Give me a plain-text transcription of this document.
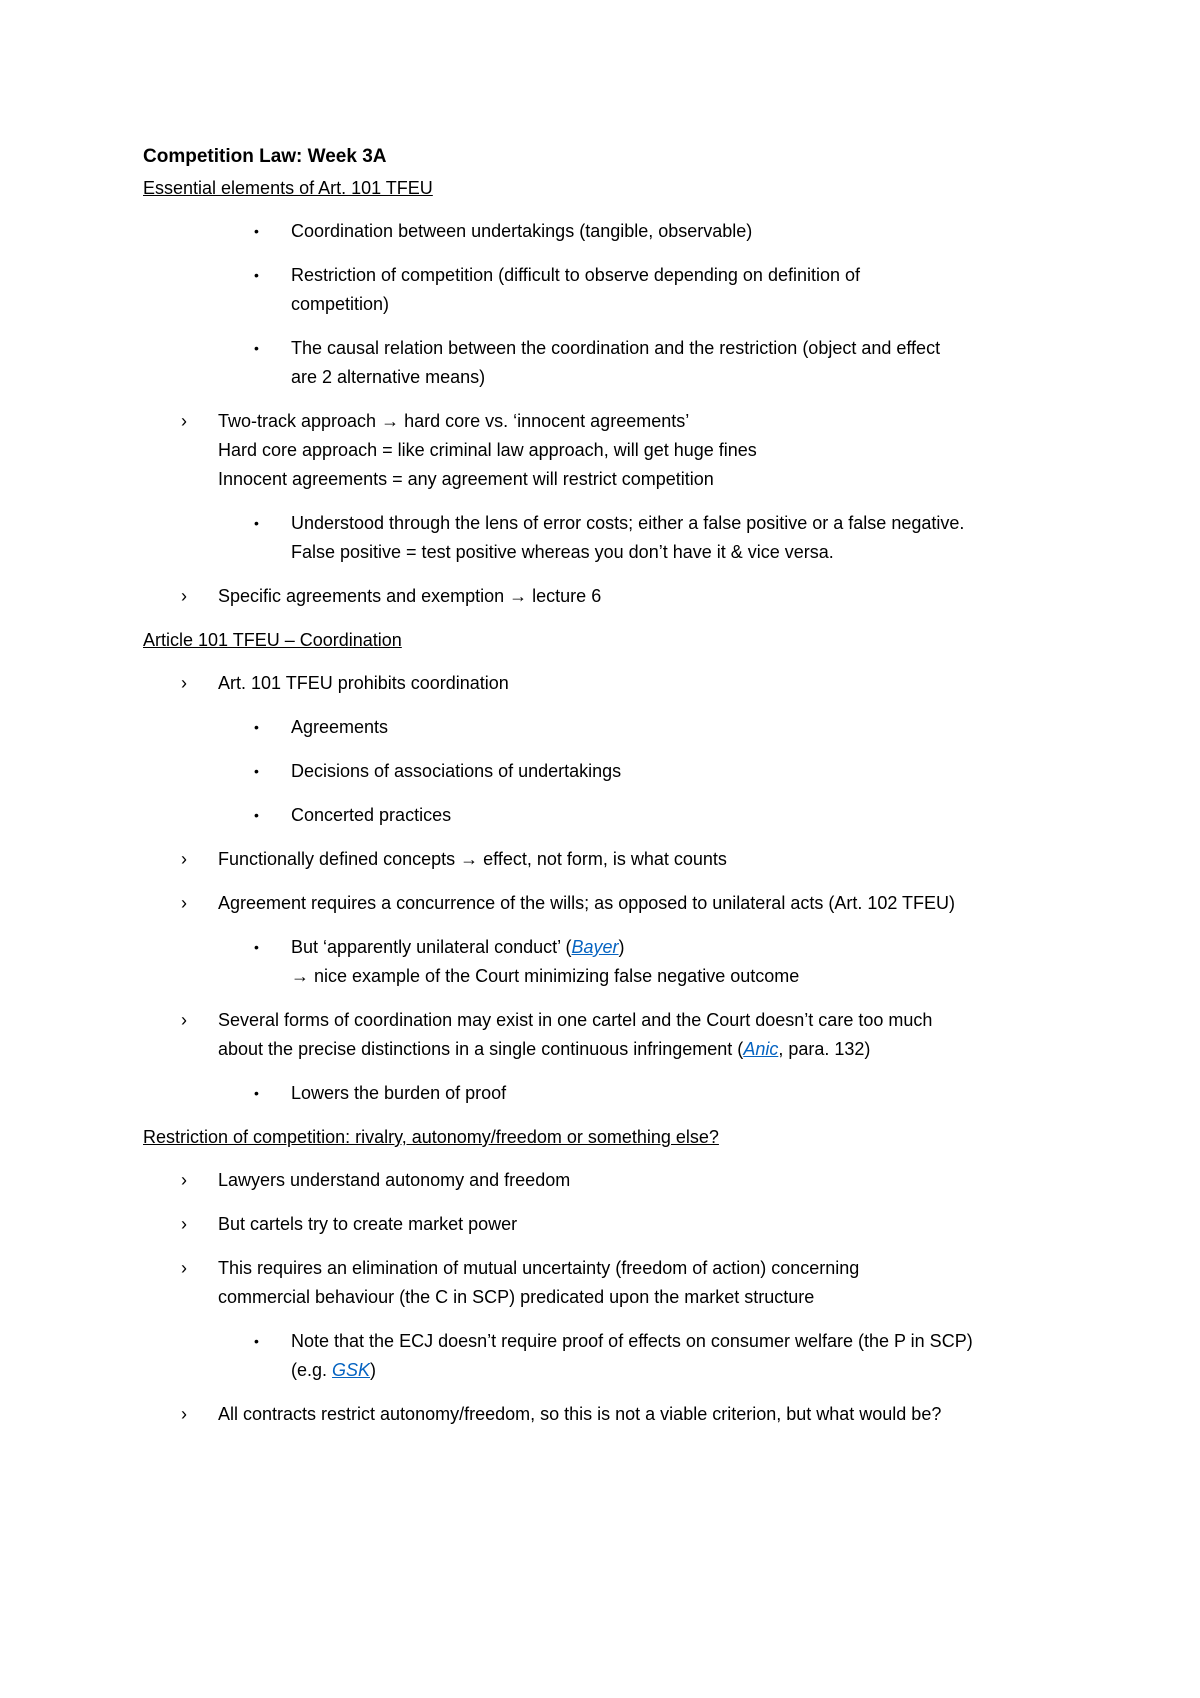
Competition Law: Week 3A
Essential elements of Art. 101 TFEU
• Coordination between undertakings (tangible, observable)
• Restriction of competition (difficult to observe depending on definition of
competition)
• The causal relation between the coordination and the restriction (object and effect
are 2 alternative means)
› Two-track approach → hard core vs. ‘innocent agreements’
Hard core approach = like criminal law approach, will get huge fines
Innocent agreements = any agreement will restrict competition
• Understood through the lens of error costs; either a false positive or a false negative.
False positive = test positive whereas you don’t have it & vice versa.
› Specific agreements and exemption → lecture 6
Article 101 TFEU – Coordination
› Art. 101 TFEU prohibits coordination
• Agreements
• Decisions of associations of undertakings
• Concerted practices
› Functionally defined concepts → effect, not form, is what counts
› Agreement requires a concurrence of the wills; as opposed to unilateral acts (Art. 102 TFEU)
• But ‘apparently unilateral conduct’ (Bayer)
→ nice example of the Court minimizing false negative outcome
› Several forms of coordination may exist in one cartel and the Court doesn’t care too much
about the precise distinctions in a single continuous infringement (Anic, para. 132)
• Lowers the burden of proof
Restriction of competition: rivalry, autonomy/freedom or something else?
› Lawyers understand autonomy and freedom
› But cartels try to create market power
› This requires an elimination of mutual uncertainty (freedom of action) concerning
commercial behaviour (the C in SCP) predicated upon the market structure
• Note that the ECJ doesn’t require proof of effects on consumer welfare (the P in SCP)
(e.g. GSK)
› All contracts restrict autonomy/freedom, so this is not a viable criterion, but what would be?
